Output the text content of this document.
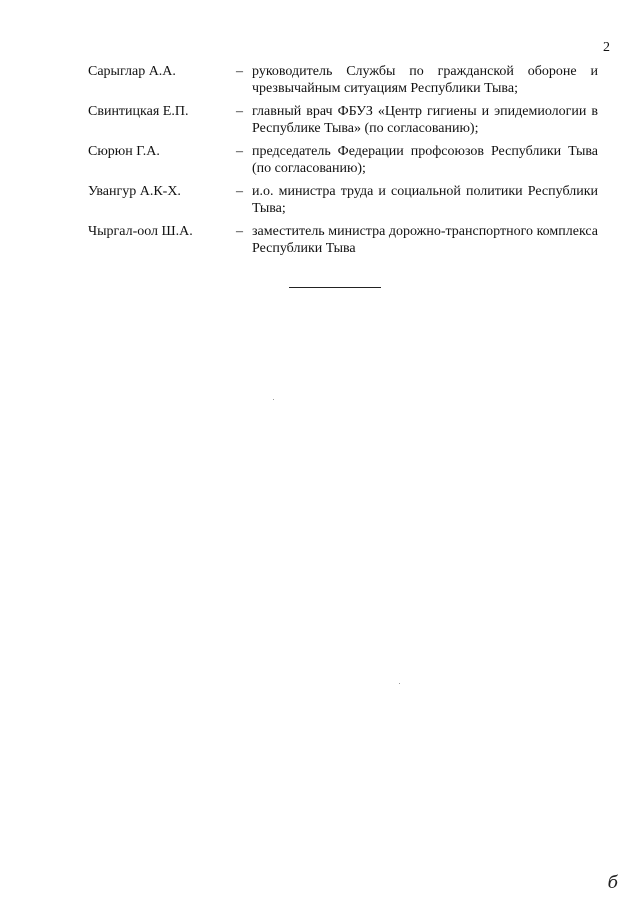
2
Сарыглар А.А.	– руководитель Службы по гражданской обороне и чрезвычайным ситуациям Республики Тыва;
Свинтицкая Е.П.	– главный врач ФБУЗ «Центр гигиены и эпидемиологии в Республике Тыва» (по согласованию);
Сюрюн Г.А.	– председатель Федерации профсоюзов Республики Тыва (по согласованию);
Увангур А.К-Х.	– и.о. министра труда и социальной политики Республики Тыва;
Чыргал-оол Ш.А.	– заместитель министра дорожно-транспортного комплекса Республики Тыва
б
